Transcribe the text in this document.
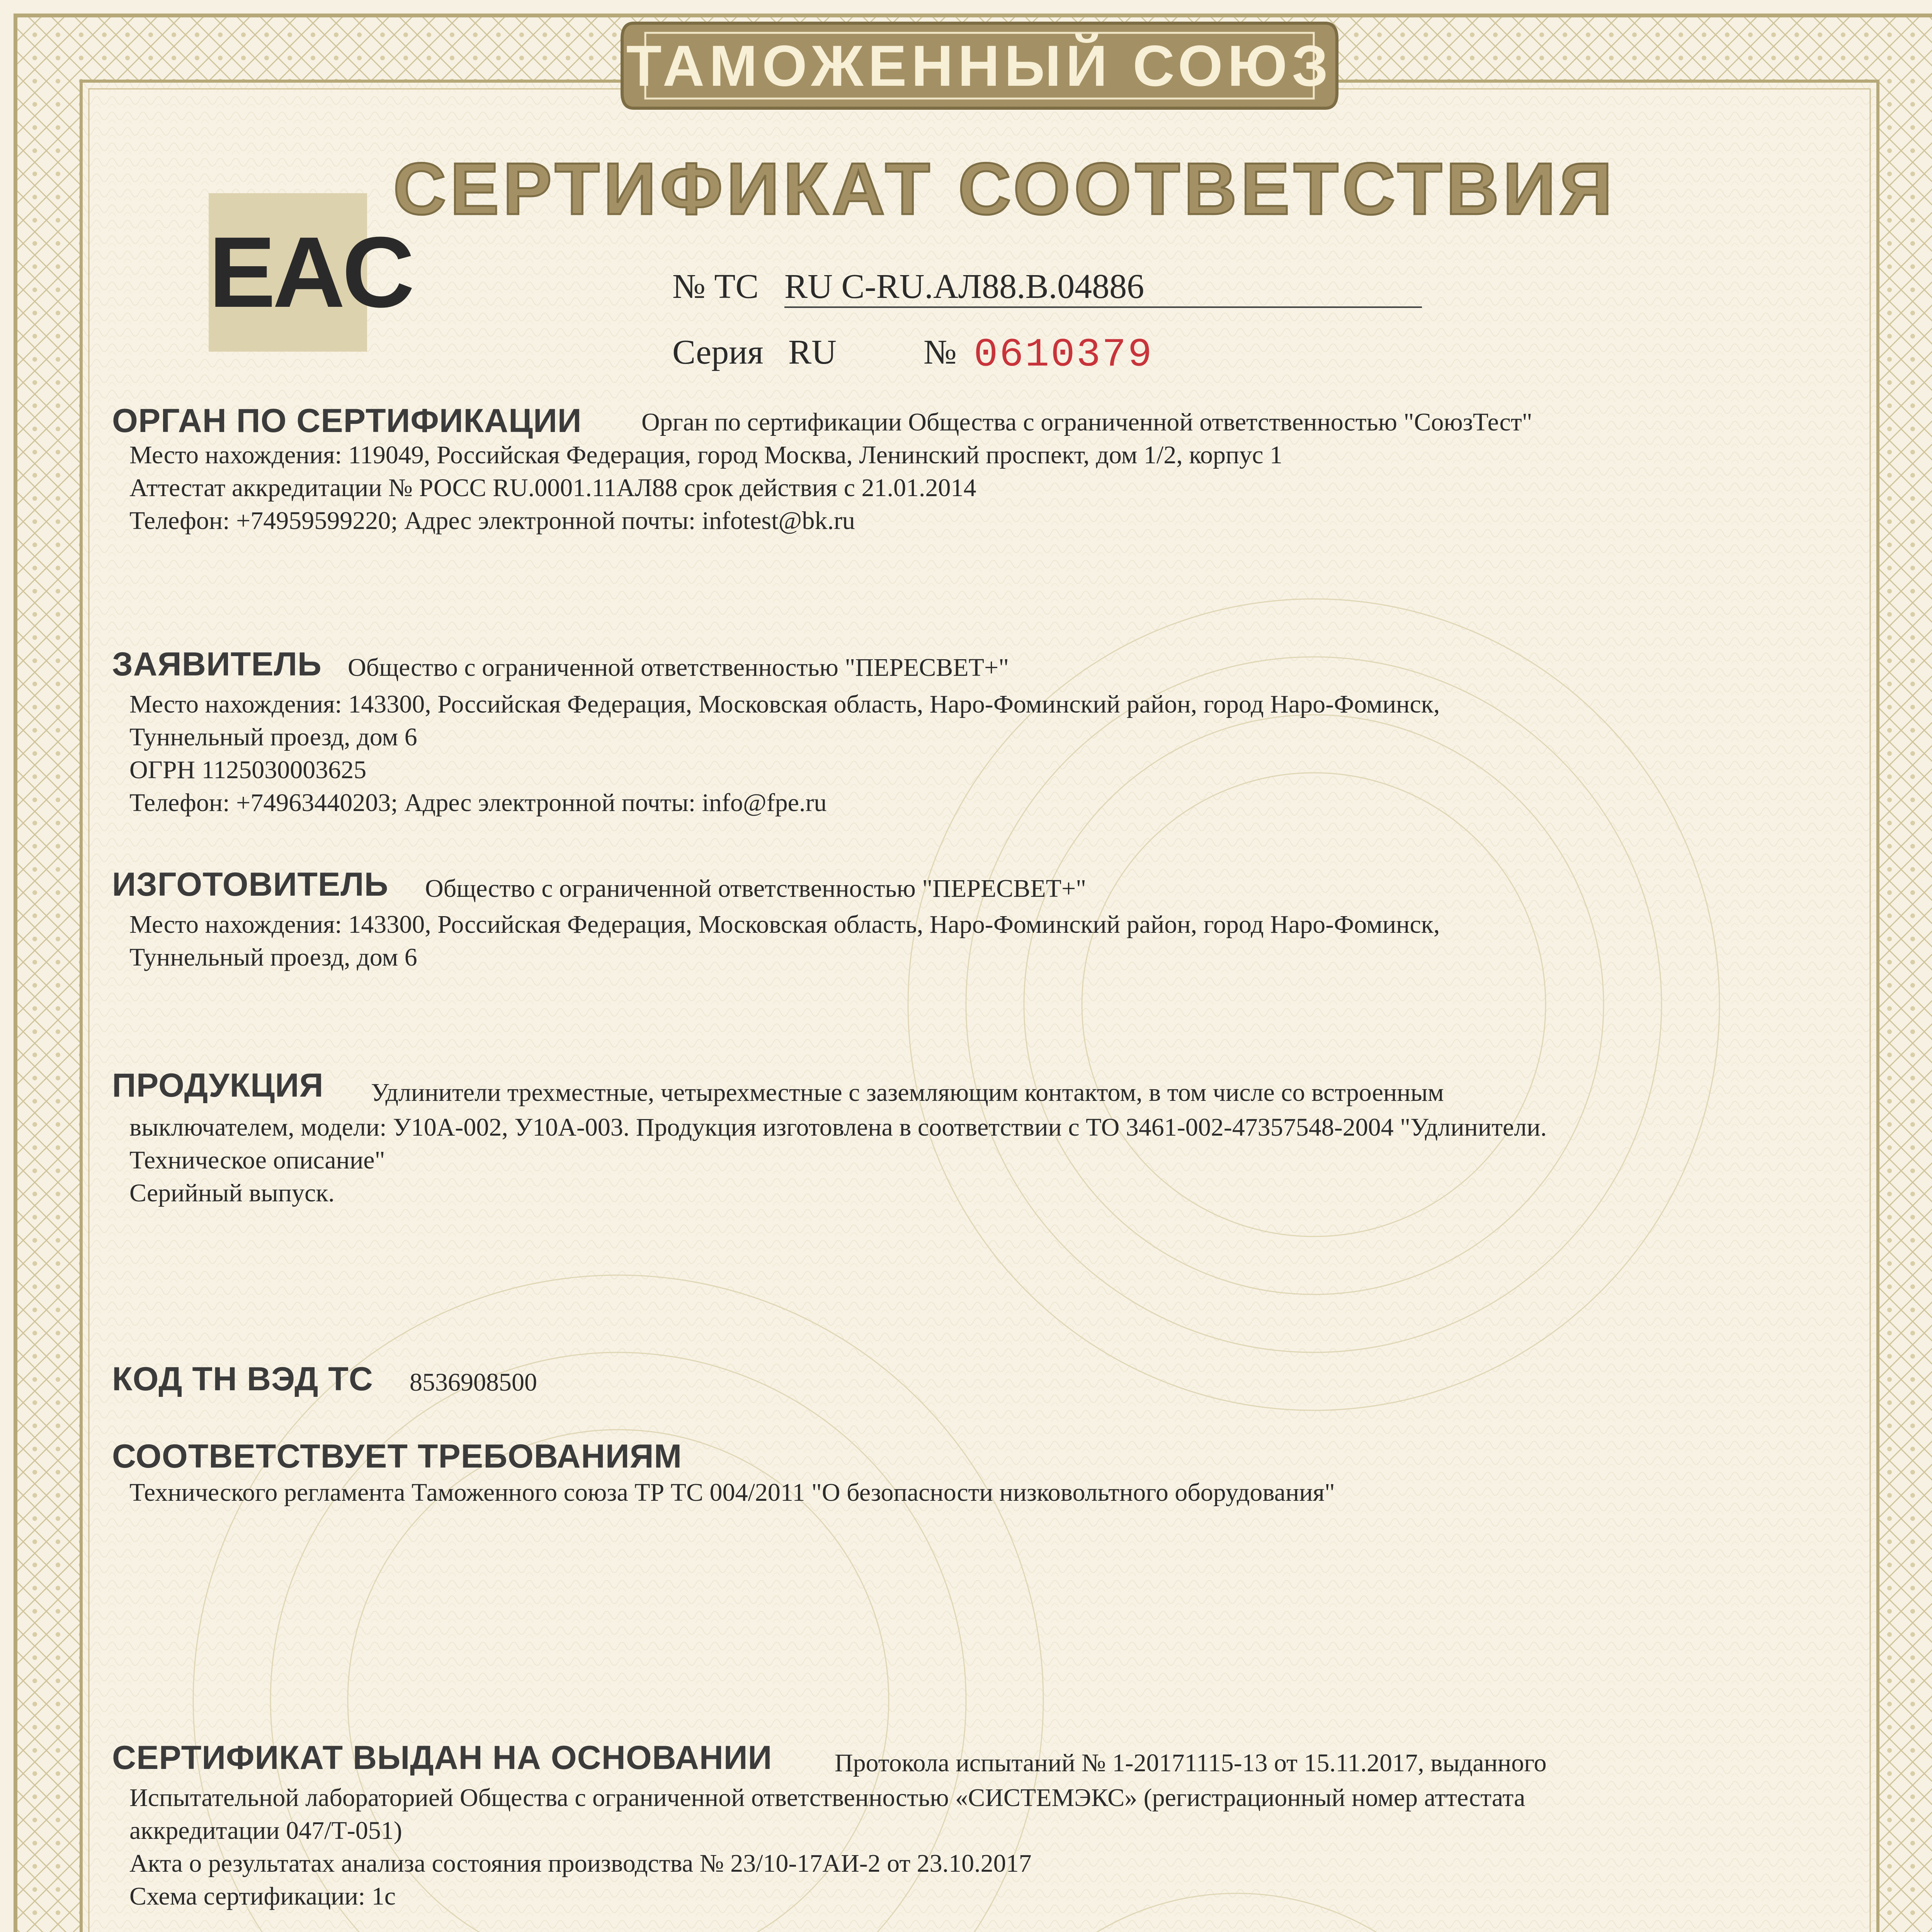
ТАМОЖЕННЫЙ СОЮЗ
СЕРТИФИКАТ СООТВЕТСТВИЯ
EAC	№ ТС RU C-RU.АЛ88.В.04886
Серия RU № 0610379
ОРГАН ПО СЕРТИФИКАЦИИ Орган по сертификации Общества с ограниченной ответственностью "СоюзТест"
Место нахождения: 119049, Российская Федерация, город Москва, Ленинский проспект, дом 1/2, корпус 1
Аттестат аккредитации № РОСС RU.0001.11АЛ88 срок действия с 21.01.2014
Телефон: +74959599220; Адрес электронной почты: infotest@bk.ru
ЗАЯВИТЕЛЬ Общество с ограниченной ответственностью "ПЕРЕСВЕТ+"
Место нахождения: 143300, Российская Федерация, Московская область, Наро-Фоминский район, город Наро-Фоминск,
Туннельный проезд, дом 6
ОГРН 1125030003625
Телефон: +74963440203; Адрес электронной почты: info@fpe.ru
ИЗГОТОВИТЕЛЬ Общество с ограниченной ответственностью "ПЕРЕСВЕТ+"
Место нахождения: 143300, Российская Федерация, Московская область, Наро-Фоминский район, город Наро-Фоминск,
Туннельный проезд, дом 6
ПРОДУКЦИЯ Удлинители трехместные, четырехместные с заземляющим контактом, в том числе со встроенным
выключателем, модели: У10А-002, У10А-003. Продукция изготовлена в соответствии с ТО 3461-002-47357548-2004 "Удлинители.
Техническое описание"
Серийный выпуск.
КОД ТН ВЭД ТС 8536908500
СООТВЕТСТВУЕТ ТРЕБОВАНИЯМ
Технического регламента Таможенного союза ТР ТС 004/2011 "О безопасности низковольтного оборудования"
СЕРТИФИКАТ ВЫДАН НА ОСНОВАНИИ Протокола испытаний № 1-20171115-13 от 15.11.2017, выданного
Испытательной лабораторией Общества с ограниченной ответственностью «СИСТЕМЭКС» (регистрационный номер аттестата
аккредитации 047/Т-051)
Акта о результатах анализа состояния производства № 23/10-17АИ-2 от 23.10.2017
Схема сертификации: 1с
